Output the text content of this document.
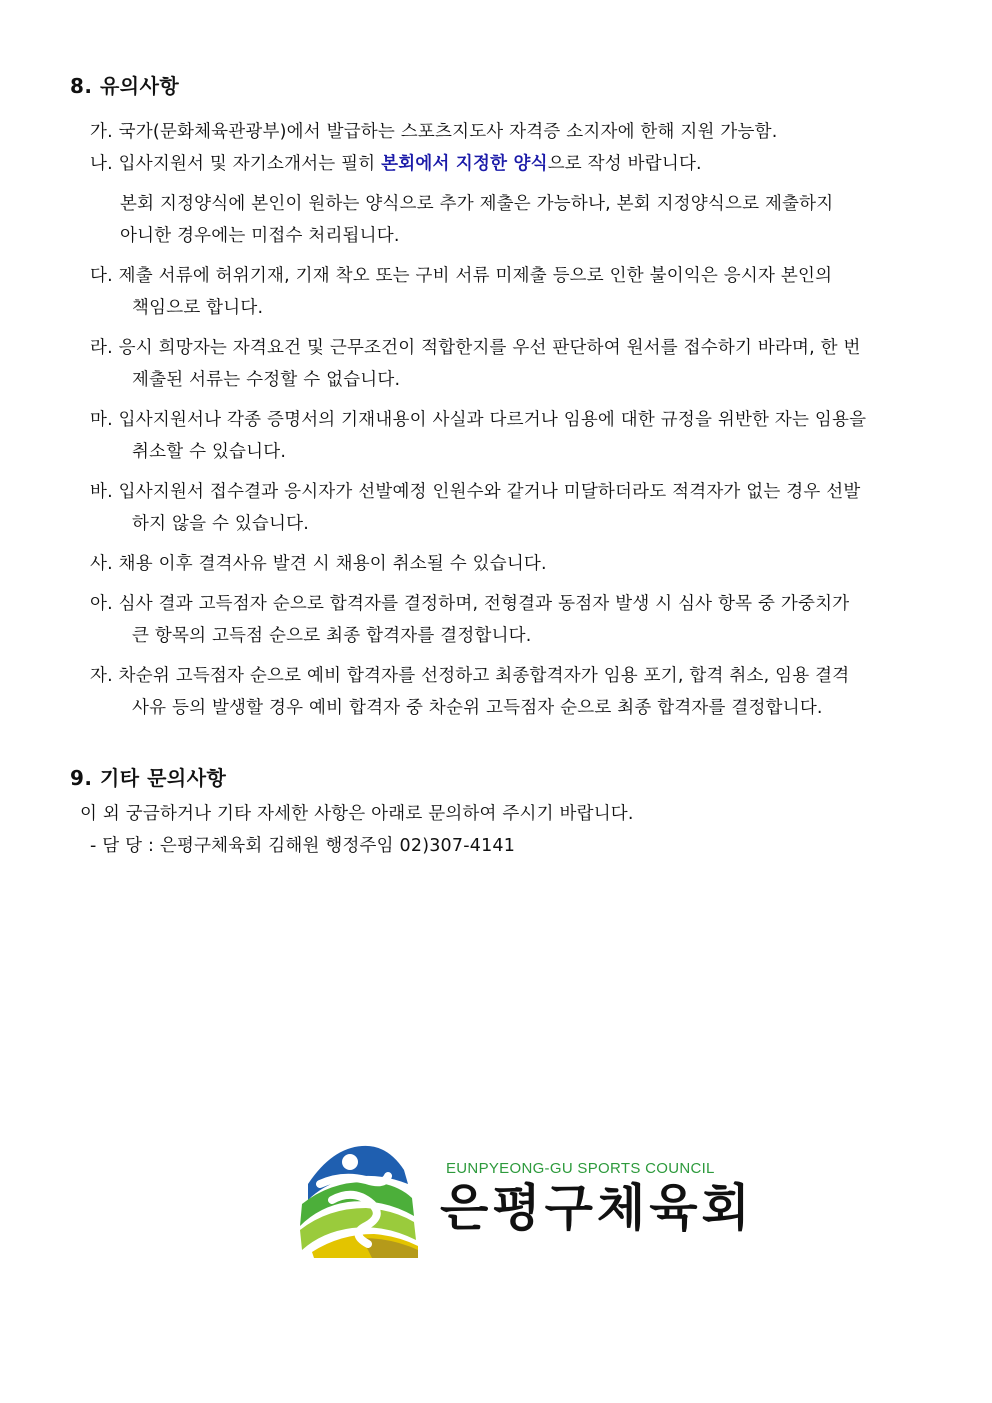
8. 유의사항
가. 국가(문화체육관광부)에서 발급하는 스포츠지도사 자격증 소지자에 한해 지원 가능함.
나. 입사지원서 및 자기소개서는 필히 본회에서 지정한 양식으로 작성 바랍니다.
본회 지정양식에 본인이 원하는 양식으로 추가 제출은 가능하나, 본회 지정양식으로 제출하지
아니한 경우에는 미접수 처리됩니다.
다. 제출 서류에 허위기재, 기재 착오 또는 구비 서류 미제출 등으로 인한 불이익은 응시자 본인의
책임으로 합니다.
라. 응시 희망자는 자격요건 및 근무조건이 적합한지를 우선 판단하여 원서를 접수하기 바라며, 한 번
제출된 서류는 수정할 수 없습니다.
마. 입사지원서나 각종 증명서의 기재내용이 사실과 다르거나 임용에 대한 규정을 위반한 자는 임용을
취소할 수 있습니다.
바. 입사지원서 접수결과 응시자가 선발예정 인원수와 같거나 미달하더라도 적격자가 없는 경우 선발
하지 않을 수 있습니다.
사. 채용 이후 결격사유 발견 시 채용이 취소될 수 있습니다.
아. 심사 결과 고득점자 순으로 합격자를 결정하며, 전형결과 동점자 발생 시 심사 항목 중 가중치가
큰 항목의 고득점 순으로 최종 합격자를 결정합니다.
자. 차순위 고득점자 순으로 예비 합격자를 선정하고 최종합격자가 임용 포기, 합격 취소, 임용 결격
사유 등의 발생할 경우 예비 합격자 중 차순위 고득점자 순으로 최종 합격자를 결정합니다.
9. 기타 문의사항
이 외 궁금하거나 기타 자세한 사항은 아래로 문의하여 주시기 바랍니다.
- 담 당 : 은평구체육회 김해원 행정주임 02)307-4141
EUNPYEONG-GU SPORTS COUNCIL
은평구체육회
